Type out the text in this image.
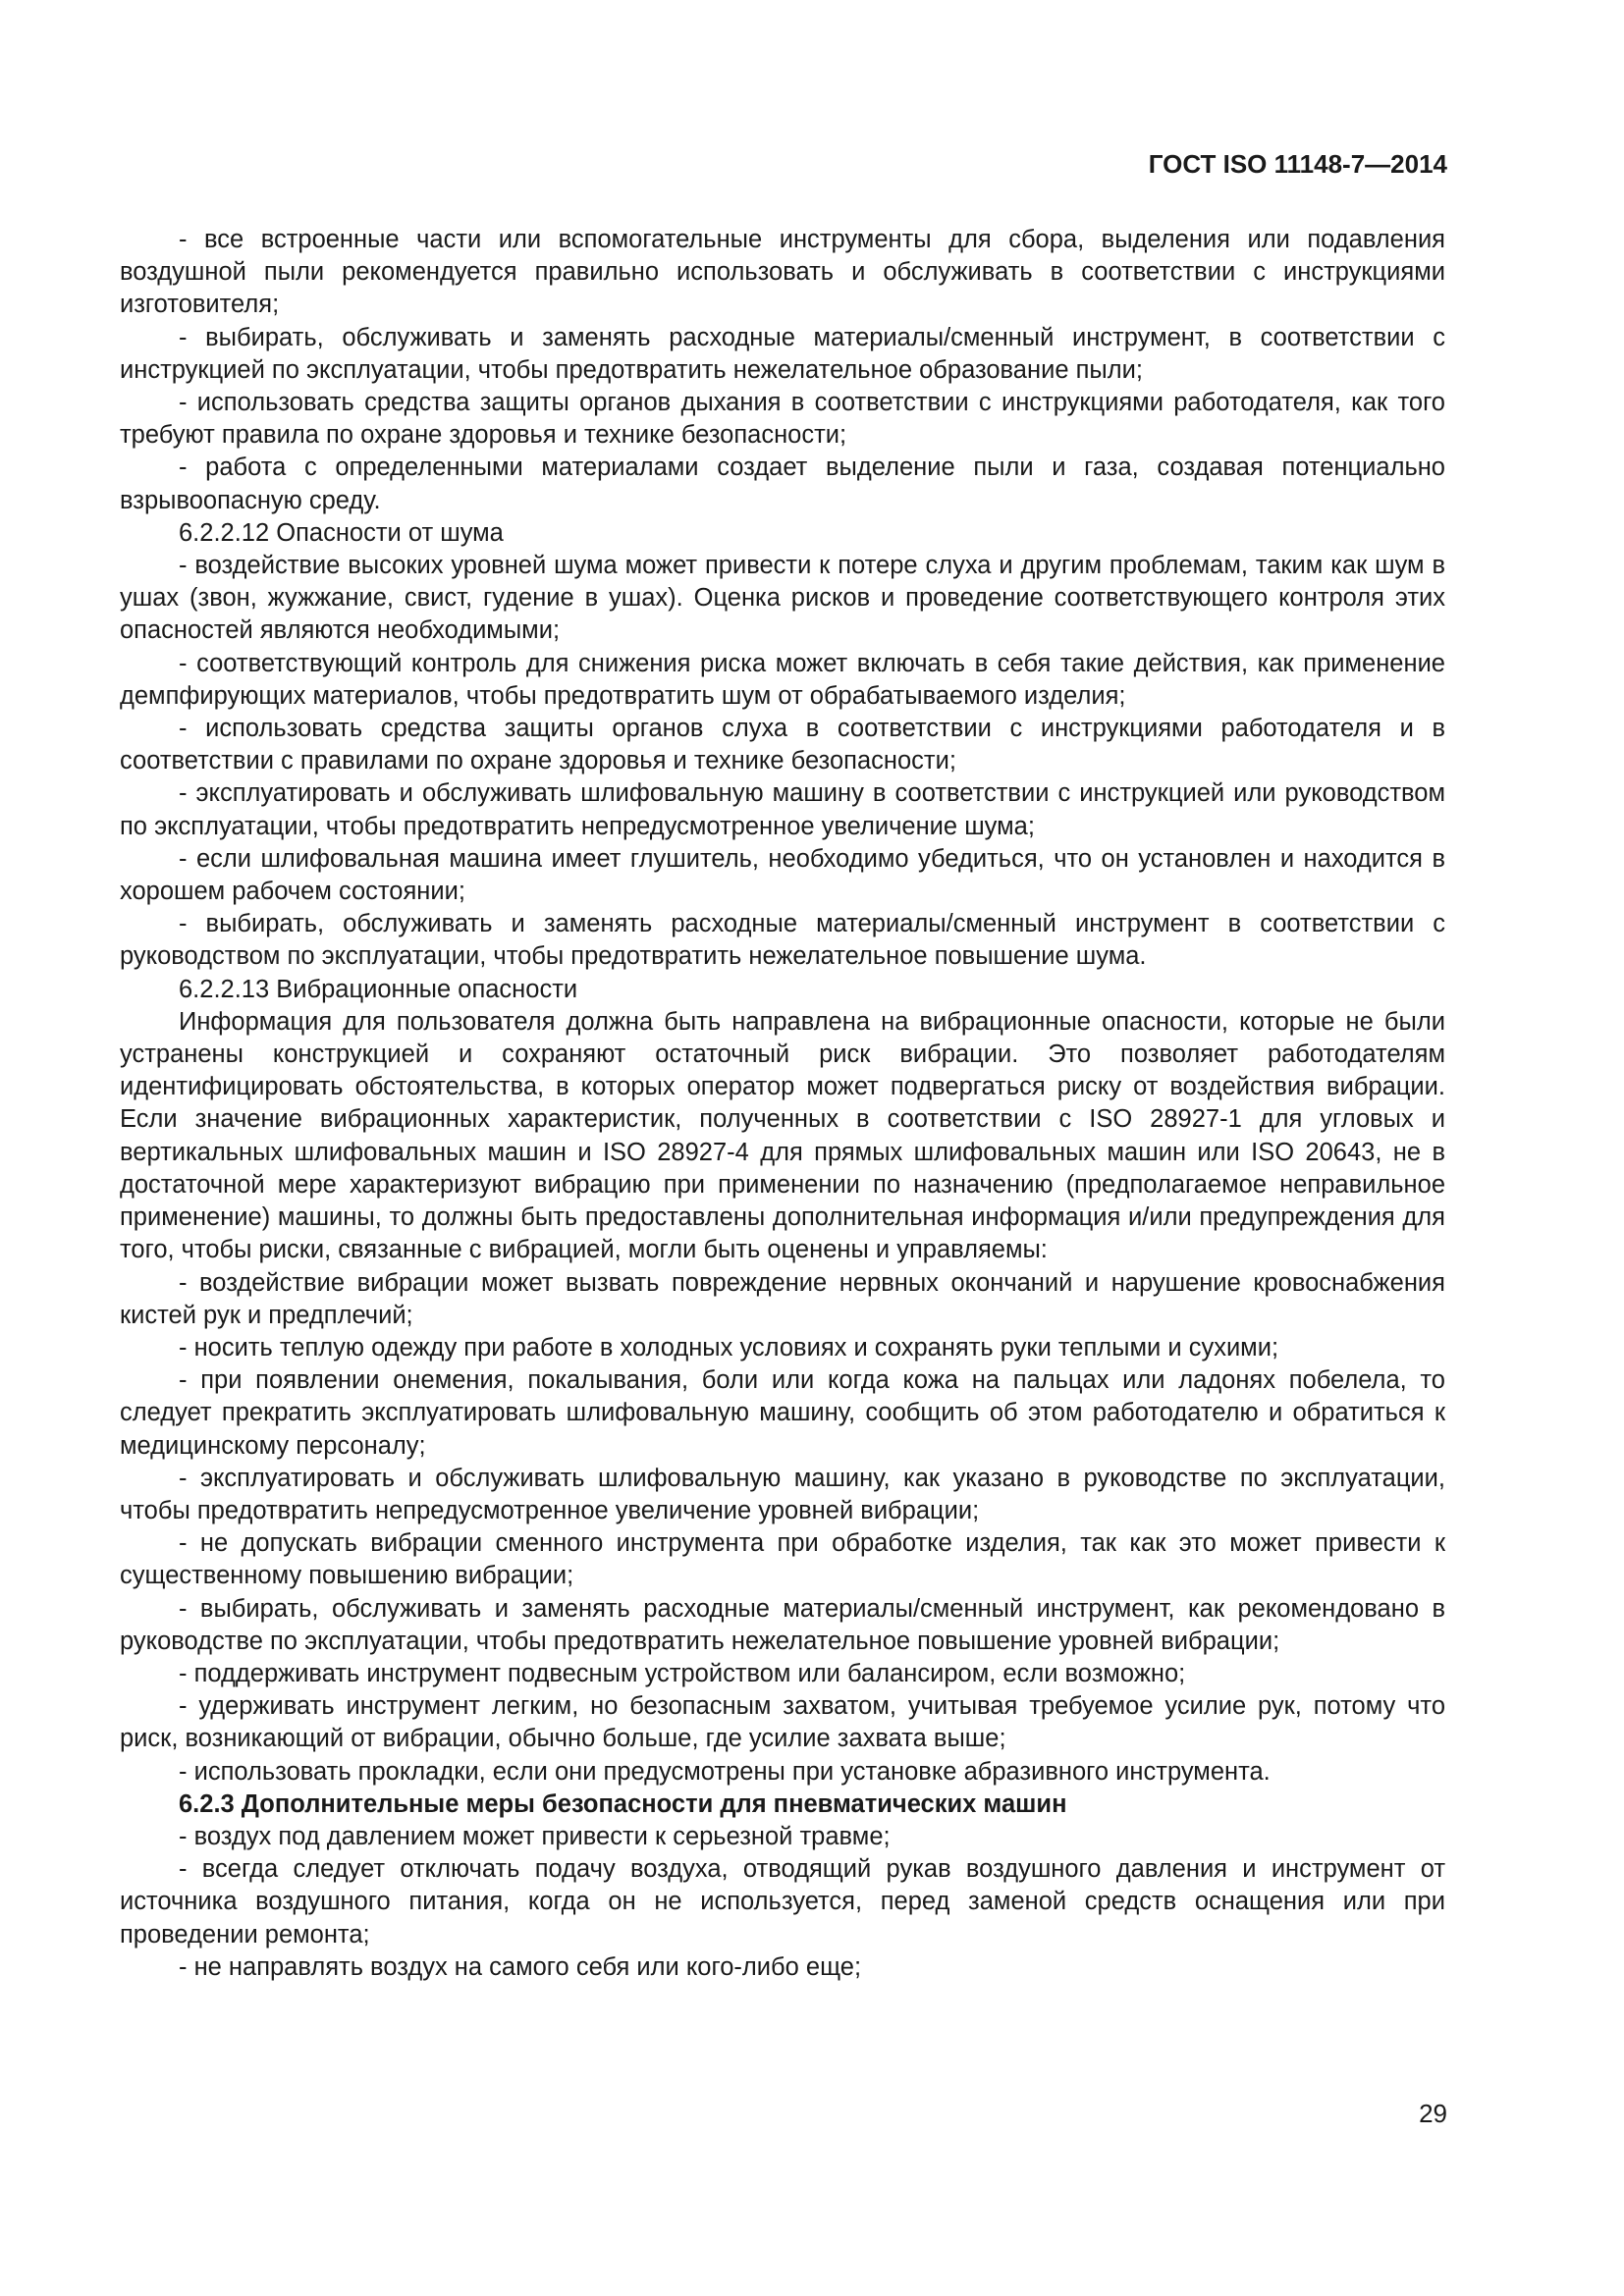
ГОСТ ISO 11148-7—2014

- все встроенные части или вспомогательные инструменты для сбора, выделения или подавления воздушной пыли рекомендуется правильно использовать и обслуживать в соответствии с инструкциями изготовителя;

- выбирать, обслуживать и заменять расходные материалы/сменный инструмент, в соответствии с инструкцией по эксплуатации, чтобы предотвратить нежелательное образование пыли;

- использовать средства защиты органов дыхания в соответствии с инструкциями работодателя, как того требуют правила по охране здоровья и технике безопасности;

- работа с определенными материалами создает выделение пыли и газа, создавая потенциально взрывоопасную среду.

6.2.2.12 Опасности от шума

- воздействие высоких уровней шума может привести к потере слуха и другим проблемам, таким как шум в ушах (звон, жужжание, свист, гудение в ушах). Оценка рисков и проведение соответствующего контроля этих опасностей являются необходимыми;

- соответствующий контроль для снижения риска может включать в себя такие действия, как применение демпфирующих материалов, чтобы предотвратить шум от обрабатываемого изделия;

- использовать средства защиты органов слуха в соответствии с инструкциями работодателя и в соответствии с правилами по охране здоровья и технике безопасности;

- эксплуатировать и обслуживать шлифовальную машину в соответствии с инструкцией или руководством по эксплуатации, чтобы предотвратить непредусмотренное увеличение шума;

- если шлифовальная машина имеет глушитель, необходимо убедиться, что он установлен и находится в хорошем рабочем состоянии;

- выбирать, обслуживать и заменять расходные материалы/сменный инструмент в соответствии с руководством по эксплуатации, чтобы предотвратить нежелательное повышение шума.

6.2.2.13 Вибрационные опасности

Информация для пользователя должна быть направлена на вибрационные опасности, которые не были устранены конструкцией и сохраняют остаточный риск вибрации. Это позволяет работодателям идентифицировать обстоятельства, в которых оператор может подвергаться риску от воздействия вибрации. Если значение вибрационных характеристик, полученных в соответствии с ISO 28927-1 для угловых и вертикальных шлифовальных машин и ISO 28927-4 для прямых шлифовальных машин или ISO 20643, не в достаточной мере характеризуют вибрацию при применении по назначению (предполагаемое неправильное применение) машины, то должны быть предоставлены дополнительная информация и/или предупреждения для того, чтобы риски, связанные с вибрацией, могли быть оценены и управляемы:

- воздействие вибрации может вызвать повреждение нервных окончаний и нарушение кровоснабжения кистей рук и предплечий;

- носить теплую одежду при работе в холодных условиях и сохранять руки теплыми и сухими;

- при появлении онемения, покалывания, боли или когда кожа на пальцах или ладонях побелела, то следует прекратить эксплуатировать шлифовальную машину, сообщить об этом работодателю и обратиться к медицинскому персоналу;

- эксплуатировать и обслуживать шлифовальную машину, как указано в руководстве по эксплуатации, чтобы предотвратить непредусмотренное увеличение уровней вибрации;

- не допускать вибрации сменного инструмента при обработке изделия, так как это может привести к существенному повышению вибрации;

- выбирать, обслуживать и заменять расходные материалы/сменный инструмент, как рекомендовано в руководстве по эксплуатации, чтобы предотвратить нежелательное повышение уровней вибрации;

- поддерживать инструмент подвесным устройством или балансиром, если возможно;

- удерживать инструмент легким, но безопасным захватом, учитывая требуемое усилие рук, потому что риск, возникающий от вибрации, обычно больше, где усилие захвата выше;

- использовать прокладки, если они предусмотрены при установке абразивного инструмента.

6.2.3 Дополнительные меры безопасности для пневматических машин

- воздух под давлением может привести к серьезной травме;

- всегда следует отключать подачу воздуха, отводящий рукав воздушного давления и инструмент от источника воздушного питания, когда он не используется, перед заменой средств оснащения или при проведении ремонта;

- не направлять воздух на самого себя или кого-либо еще;

29
